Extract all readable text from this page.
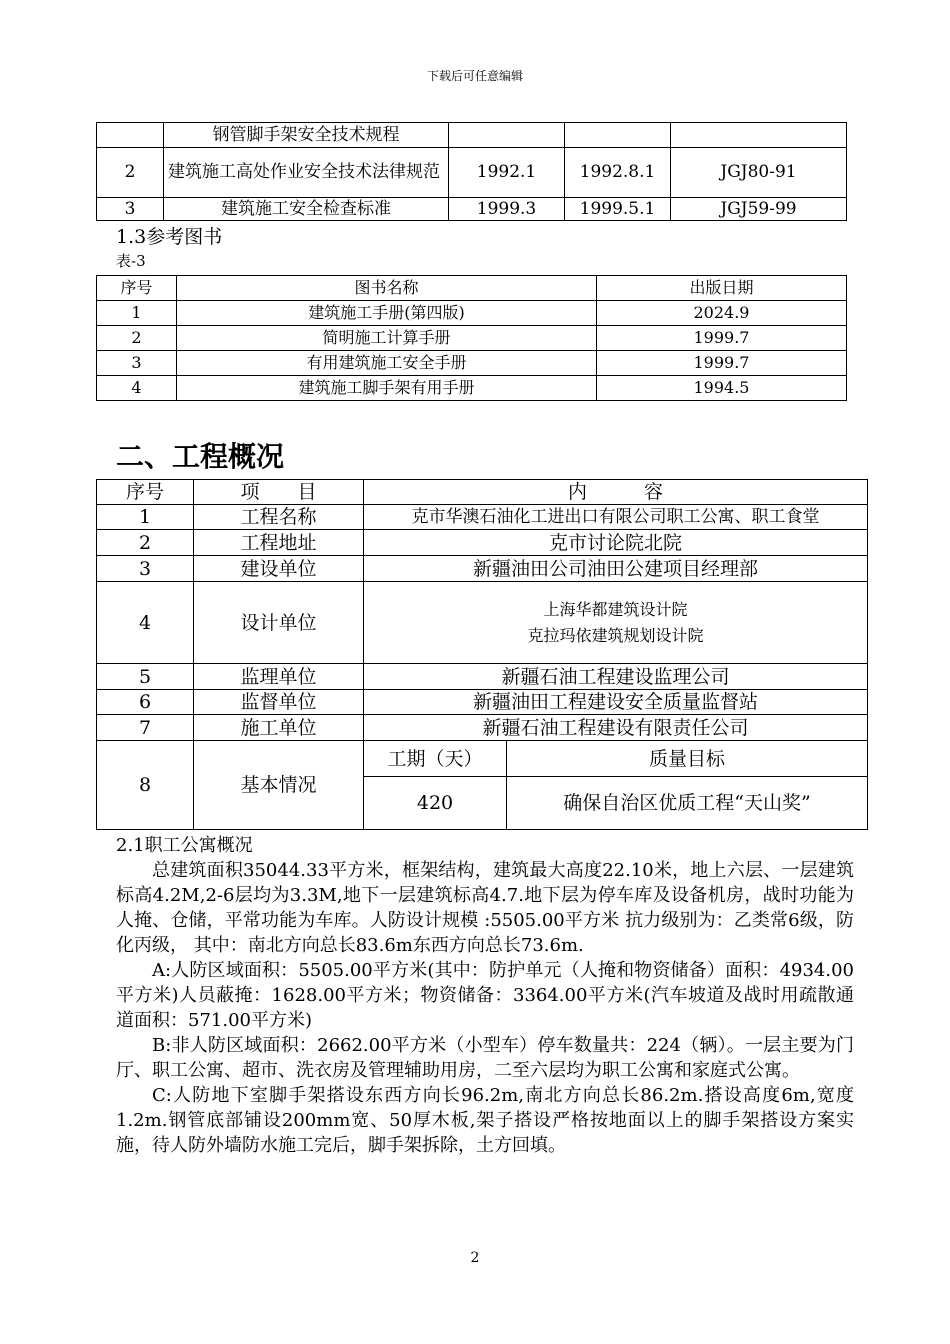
下载后可任意编辑
	钢管脚手架安全技术规程			
2	建筑施工高处作业安全技术法律规范	1992.1	1992.8.1	JGJ80-91
3	建筑施工安全检查标准	1999.3	1999.5.1	JGJ59-99
1.3参考图书
表-3
序号	图书名称	出版日期
1	建筑施工手册(第四版)	2024.9
2	简明施工计算手册	1999.7
3	有用建筑施工安全手册	1999.7
4	建筑施工脚手架有用手册	1994.5
二、工程概况
序号	项　　目	内　　　容	
1	工程名称	克市华澳石油化工进出口有限公司职工公寓、职工食堂	
2	工程地址	克市讨论院北院	
3	建设单位	新疆油田公司油田公建项目经理部	
4	设计单位	上海华都建筑设计院
克拉玛依建筑规划设计院	

5	监理单位	新疆石油工程建设监理公司	
6	监督单位	新疆油田工程建设安全质量监督站	
7	施工单位	新疆石油工程建设有限责任公司	
8	基本情况	工期（天）	质量目标
		420	确保自治区优质工程“天山奖”

2.1职工公寓概况

总建筑面积35044.33平方米，框架结构，建筑最大高度22.10米，地上六层、一层建筑标高4.2M,2-6层均为3.3M,地下一层建筑标高4.7.地下层为停车库及设备机房，战时功能为人掩、仓储，平常功能为车库。人防设计规模 :5505.00平方米 抗力级别为：乙类常6级，防化丙级， 其中：南北方向总长83.6m东西方向总长73.6m.

A:人防区域面积：5505.00平方米(其中：防护单元（人掩和物资储备）面积：4934.00平方米)人员蔽掩：1628.00平方米；物资储备：3364.00平方米(汽车坡道及战时用疏散通道面积：571.00平方米)

B:非人防区域面积：2662.00平方米（小型车）停车数量共：224（辆）。一层主要为门厅、职工公寓、超市、洗衣房及管理辅助用房，二至六层均为职工公寓和家庭式公寓。

C:人防地下室脚手架搭设东西方向长96.2m,南北方向总长86.2m.搭设高度6m,宽度1.2m.钢管底部铺设200mm宽、50厚木板,架子搭设严格按地面以上的脚手架搭设方案实施，待人防外墙防水施工完后，脚手架拆除，土方回填。

2
